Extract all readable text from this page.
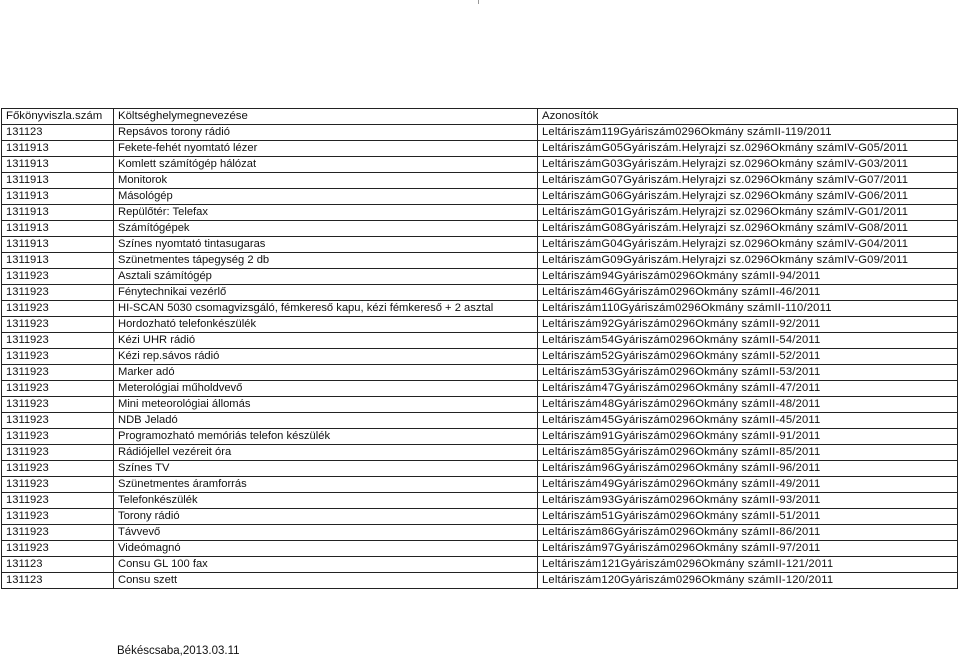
Főkönyviszla.szám	Költséghelymegnevezése	Azonosítók
131123	Repsávos torony rádió	Leltáriszám119Gyáriszám0296Okmány számII-119/2011
1311913	Fekete-fehét nyomtató lézer	LeltáriszámG05Gyáriszám.Helyrajzi sz.0296Okmány számIV-G05/2011
1311913	Komlett számítógép hálózat	LeltáriszámG03Gyáriszám.Helyrajzi sz.0296Okmány számIV-G03/2011
1311913	Monitorok	LeltáriszámG07Gyáriszám.Helyrajzi sz.0296Okmány számIV-G07/2011
1311913	Másológép	LeltáriszámG06Gyáriszám.Helyrajzi sz.0296Okmány számIV-G06/2011
1311913	Repülőtér: Telefax	LeltáriszámG01Gyáriszám.Helyrajzi sz.0296Okmány számIV-G01/2011
1311913	Számítógépek	LeltáriszámG08Gyáriszám.Helyrajzi sz.0296Okmány számIV-G08/2011
1311913	Színes nyomtató tintasugaras	LeltáriszámG04Gyáriszám.Helyrajzi sz.0296Okmány számIV-G04/2011
1311913	Szünetmentes tápegység 2 db	LeltáriszámG09Gyáriszám.Helyrajzi sz.0296Okmány számIV-G09/2011
1311923	Asztali számítógép	Leltáriszám94Gyáriszám0296Okmány számII-94/2011
1311923	Fénytechnikai vezérlő	Leltáriszám46Gyáriszám0296Okmány számII-46/2011
1311923	HI-SCAN 5030 csomagvizsgáló, fémkereső kapu, kézi fémkereső + 2 asztal	Leltáriszám110Gyáriszám0296Okmány számII-110/2011
1311923	Hordozható telefonkészülék	Leltáriszám92Gyáriszám0296Okmány számII-92/2011
1311923	Kézi UHR rádió	Leltáriszám54Gyáriszám0296Okmány számII-54/2011
1311923	Kézi rep.sávos rádió	Leltáriszám52Gyáriszám0296Okmány számII-52/2011
1311923	Marker adó	Leltáriszám53Gyáriszám0296Okmány számII-53/2011
1311923	Meterológiai műholdvevő	Leltáriszám47Gyáriszám0296Okmány számII-47/2011
1311923	Mini meteorológiai állomás	Leltáriszám48Gyáriszám0296Okmány számII-48/2011
1311923	NDB Jeladó	Leltáriszám45Gyáriszám0296Okmány számII-45/2011
1311923	Programozható memóriás telefon készülék	Leltáriszám91Gyáriszám0296Okmány számII-91/2011
1311923	Rádiójellel vezéreit óra	Leltáriszám85Gyáriszám0296Okmány számII-85/2011
1311923	Színes TV	Leltáriszám96Gyáriszám0296Okmány számII-96/2011
1311923	Szünetmentes áramforrás	Leltáriszám49Gyáriszám0296Okmány számII-49/2011
1311923	Telefonkészülék	Leltáriszám93Gyáriszám0296Okmány számII-93/2011
1311923	Torony rádió	Leltáriszám51Gyáriszám0296Okmány számII-51/2011
1311923	Távvevő	Leltáriszám86Gyáriszám0296Okmány számII-86/2011
1311923	Videómagnó	Leltáriszám97Gyáriszám0296Okmány számII-97/2011
131123	Consu GL 100 fax	Leltáriszám121Gyáriszám0296Okmány számII-121/2011
131123	Consu szett	Leltáriszám120Gyáriszám0296Okmány számII-120/2011
Békéscsaba,2013.03.11
